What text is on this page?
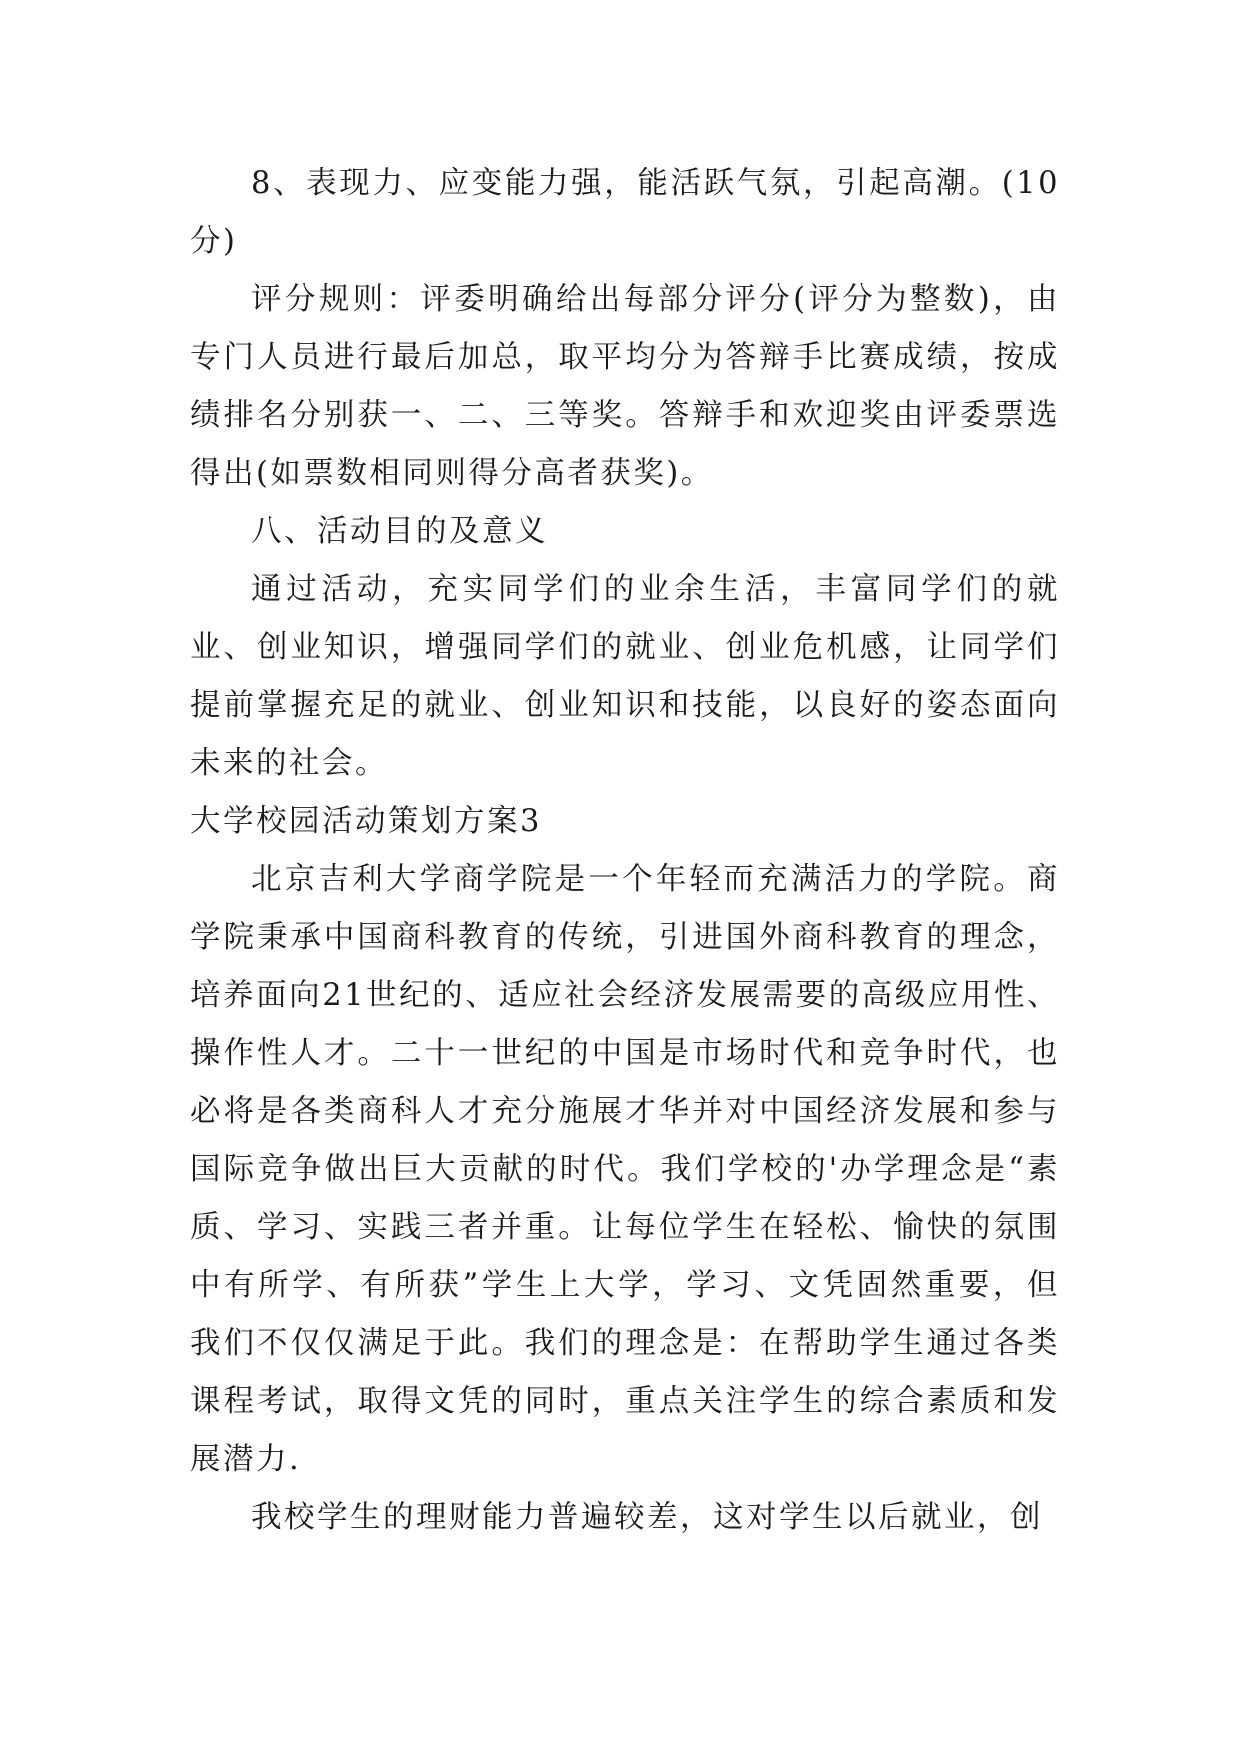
8、表现力、应变能力强，能活跃气氛，引起高潮。(10分)

评分规则：评委明确给出每部分评分(评分为整数)，由专门人员进行最后加总，取平均分为答辩手比赛成绩，按成绩排名分别获一、二、三等奖。答辩手和欢迎奖由评委票选得出(如票数相同则得分高者获奖)。

八、活动目的及意义

通过活动，充实同学们的业余生活，丰富同学们的就业、创业知识，增强同学们的就业、创业危机感，让同学们提前掌握充足的就业、创业知识和技能，以良好的姿态面向未来的社会。

大学校园活动策划方案3

北京吉利大学商学院是一个年轻而充满活力的学院。商学院秉承中国商科教育的传统，引进国外商科教育的理念，培养面向21世纪的、适应社会经济发展需要的高级应用性、操作性人才。二十一世纪的中国是市场时代和竞争时代，也必将是各类商科人才充分施展才华并对中国经济发展和参与国际竞争做出巨大贡献的时代。我们学校的'办学理念是“素质、学习、实践三者并重。让每位学生在轻松、愉快的氛围中有所学、有所获”学生上大学，学习、文凭固然重要，但我们不仅仅满足于此。我们的理念是：在帮助学生通过各类课程考试，取得文凭的同时，重点关注学生的综合素质和发展潜力.

我校学生的理财能力普遍较差，这对学生以后就业，创
